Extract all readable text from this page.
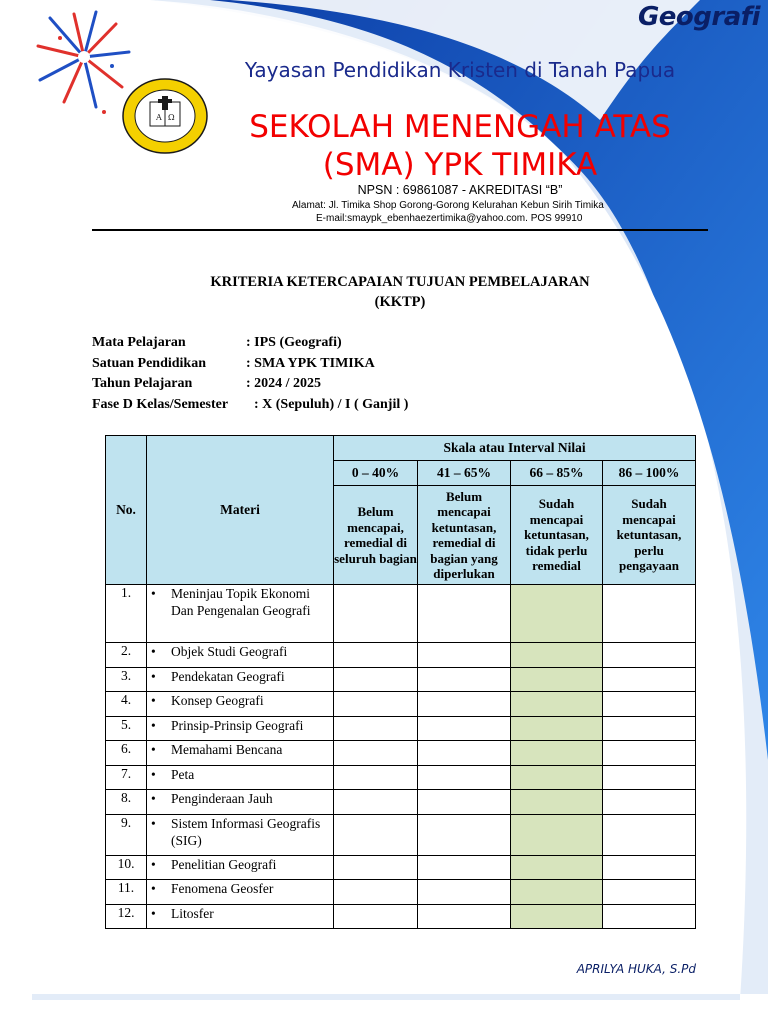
Geografi
A Ω
Yayasan Pendidikan Kristen di Tanah Papua
SEKOLAH MENENGAH ATAS (SMA) YPK TIMIKA
NPSN : 69861087 - AKREDITASI “B”
Alamat: Jl. Timika Shop Gorong-Gorong Kelurahan Kebun Sirih Timika
E-mail:smaypk_ebenhaezertimika@yahoo.com. POS 99910
KRITERIA KETERCAPAIAN TUJUAN PEMBELAJARAN
(KKTP)
Mata Pelajaran	: IPS (Geografi)
Satuan Pendidikan	: SMA YPK TIMIKA
Tahun Pelajaran	: 2024 / 2025
Fase D Kelas/Semester : X (Sepuluh) / I ( Ganjil )
No.	Materi	Skala atau Interval Nilai			
		0 – 40%	41 – 65%	66 – 85%	86 – 100%
		Belum mencapai, remedial di seluruh bagian	Belum mencapai ketuntasan, remedial di bagian yang diperlukan	Sudah mencapai ketuntasan, tidak perlu remedial	Sudah mencapai ketuntasan, perlu pengayaan
1.	• Meninjau Topik Ekonomi Dan Pengenalan Geografi				

2.	• Objek Studi Geografi				

3.	• Pendekatan Geografi				

4.	• Konsep Geografi				

5.	• Prinsip-Prinsip Geografi				

6.	• Memahami Bencana				

7.	• Peta				

8.	• Penginderaan Jauh				

9.	• Sistem Informasi Geografis (SIG)				

10.	• Penelitian Geografi				

11.	• Fenomena Geosfer				

12.	• Litosfer				

APRILYA HUKA, S.Pd
